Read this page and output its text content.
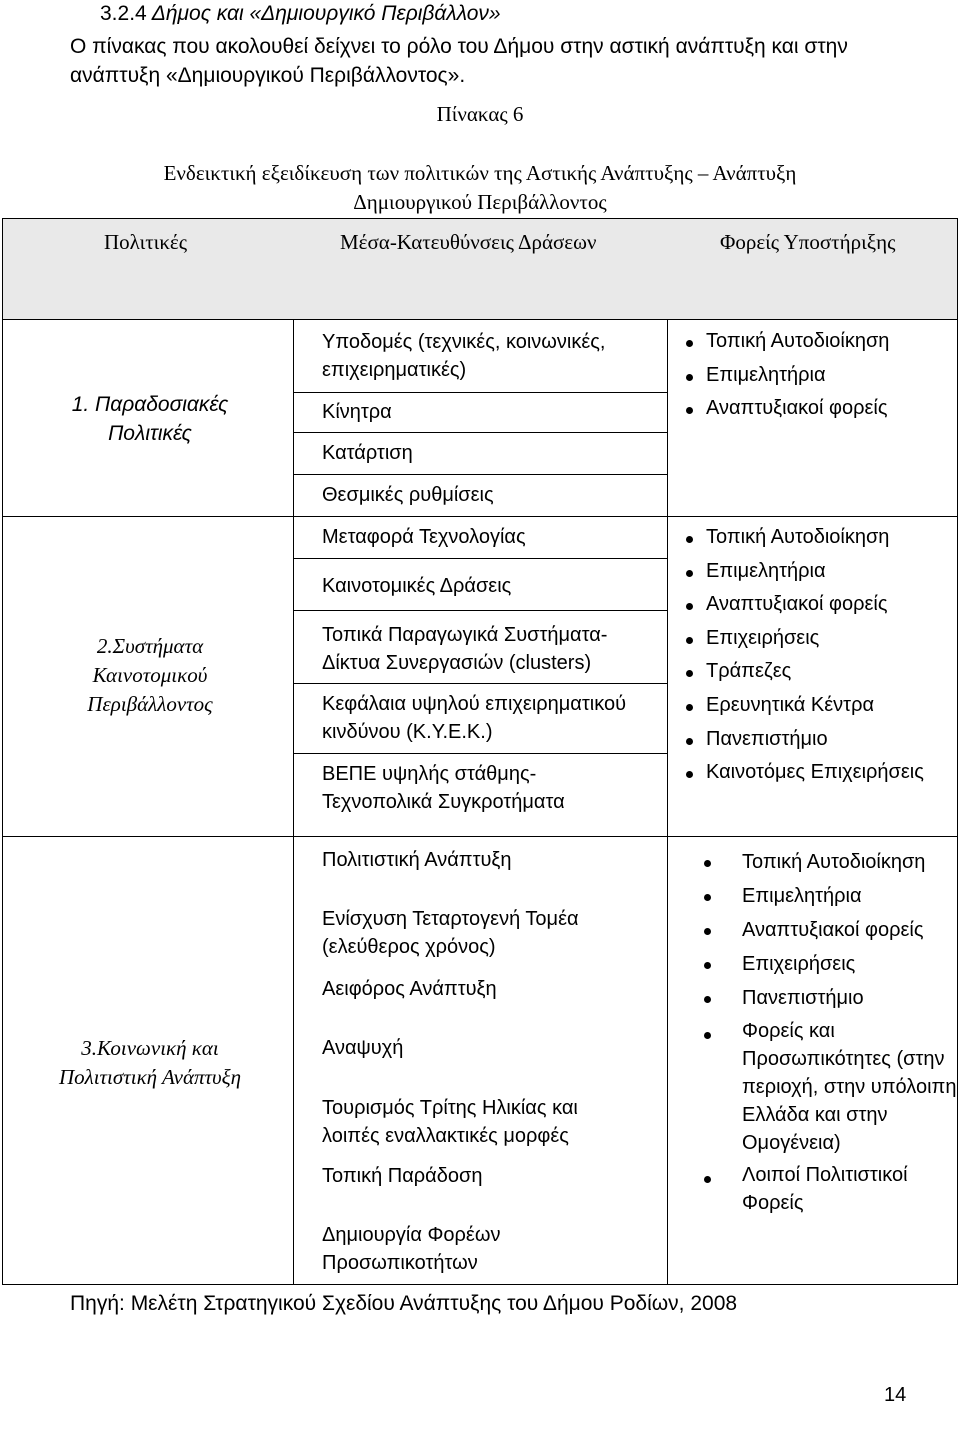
3.2.4 Δήμος και «Δημιουργικό Περιβάλλον»
Ο πίνακας που ακολουθεί δείχνει το ρόλο του Δήμου στην αστική ανάπτυξη και στην ανάπτυξη «Δημιουργικού Περιβάλλοντος».
Πίνακας 6
Ενδεικτική εξειδίκευση των πολιτικών της Αστικής Ανάπτυξης – Ανάπτυξη
Δημιουργικού Περιβάλλοντος
Πολιτικές	Μέσα-Κατευθύνσεις Δράσεων	Φορείς Υποστήριξης
1. Παραδοσιακές
Πολιτικές
Υποδομές (τεχνικές, κοινωνικές, επιχειρηματικές)
Κίνητρα
Κατάρτιση
Θεσμικές ρυθμίσεις
Τοπική Αυτοδιοίκηση
Επιμελητήρια
Αναπτυξιακοί φορείς
2.Συστήματα
Καινοτομικού
Περιβάλλοντος
Μεταφορά Τεχνολογίας
Καινοτομικές Δράσεις
Τοπικά Παραγωγικά Συστήματα-Δίκτυα Συνεργασιών (clusters)
Κεφάλαια υψηλού επιχειρηματικού κινδύνου (Κ.Υ.Ε.Κ.)
ΒΕΠΕ υψηλής στάθμης-Τεχνοπολικά Συγκροτήματα
Τοπική Αυτοδιοίκηση
Επιμελητήρια
Αναπτυξιακοί φορείς
Επιχειρήσεις
Τράπεζες
Ερευνητικά Κέντρα
Πανεπιστήμιο
Καινοτόμες Επιχειρήσεις
3.Κοινωνική και
Πολιτιστική Ανάπτυξη
Πολιτιστική Ανάπτυξη
Ενίσχυση Τεταρτογενή Τομέα (ελεύθερος χρόνος)
Αειφόρος Ανάπτυξη
Αναψυχή
Τουρισμός Τρίτης Ηλικίας και λοιπές εναλλακτικές μορφές
Τοπική Παράδοση
Δημιουργία Φορέων Προσωπικοτήτων
Τοπική Αυτοδιοίκηση
Επιμελητήρια
Αναπτυξιακοί φορείς
Επιχειρήσεις
Πανεπιστήμιο
Φορείς και Προσωπικότητες (στην περιοχή, στην υπόλοιπη Ελλάδα και στην Ομογένεια)
Λοιποί Πολιτιστικοί Φορείς
Πηγή: Μελέτη Στρατηγικού Σχεδίου Ανάπτυξης του Δήμου Ροδίων, 2008
14
